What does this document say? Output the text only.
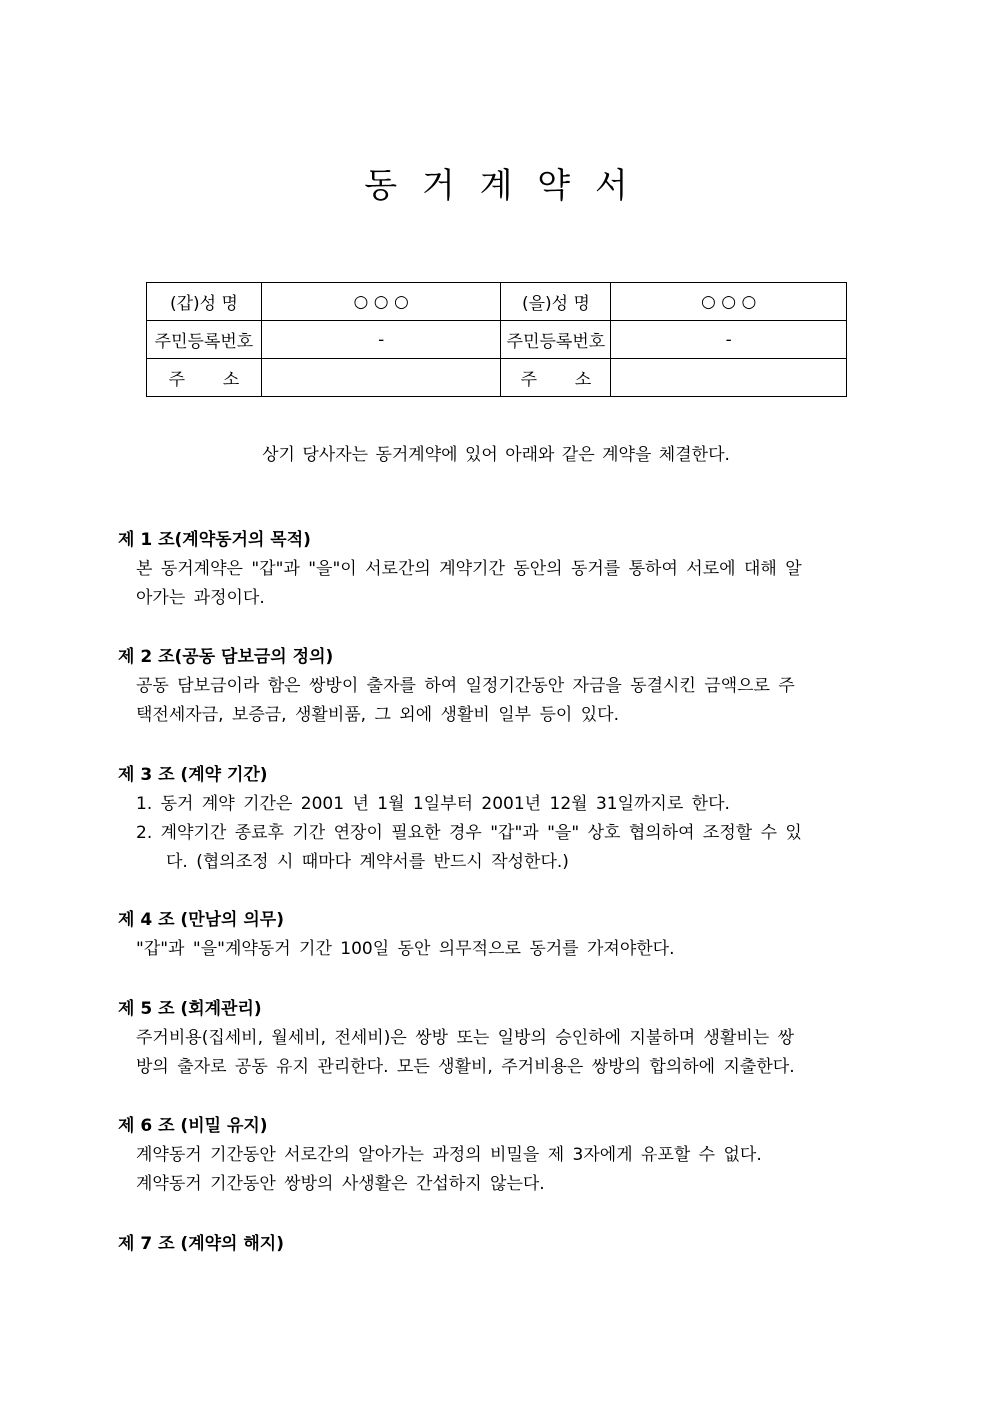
동 거 계 약 서
(갑)성 명	○ ○ ○	(을)성 명	○ ○ ○
주민등록번호	-	주민등록번호	-
주       소		주       소	
상기 당사자는 동거계약에 있어 아래와 같은 계약을 체결한다.
제 1 조(계약동거의 목적)
본 동거계약은 "갑"과 "을"이 서로간의 계약기간 동안의 동거를 통하여 서로에 대해 알
아가는 과정이다.
제 2 조(공동 담보금의 정의)
공동 담보금이라 함은 쌍방이 출자를 하여 일정기간동안 자금을 동결시킨 금액으로 주
택전세자금, 보증금, 생활비품, 그 외에 생활비 일부 등이 있다.
제 3 조 (계약 기간)
1. 동거 계약 기간은 2001 년 1월 1일부터 2001년 12월 31일까지로 한다.
2. 계약기간 종료후 기간 연장이 필요한 경우 "갑"과 "을" 상호 협의하여 조정할 수 있
다. (협의조정 시 때마다 계약서를 반드시 작성한다.)
제 4 조 (만남의 의무)
"갑"과 "을"계약동거 기간 100일 동안 의무적으로 동거를 가져야한다.
제 5 조 (회계관리)
주거비용(집세비, 월세비, 전세비)은 쌍방 또는 일방의 승인하에 지불하며 생활비는 쌍
방의 출자로 공동 유지 관리한다. 모든 생활비, 주거비용은 쌍방의 합의하에 지출한다.
제 6 조 (비밀 유지)
계약동거 기간동안 서로간의 알아가는 과정의 비밀을 제 3자에게 유포할 수 없다.
계약동거 기간동안 쌍방의 사생활은 간섭하지 않는다.
제 7 조 (계약의 해지)
